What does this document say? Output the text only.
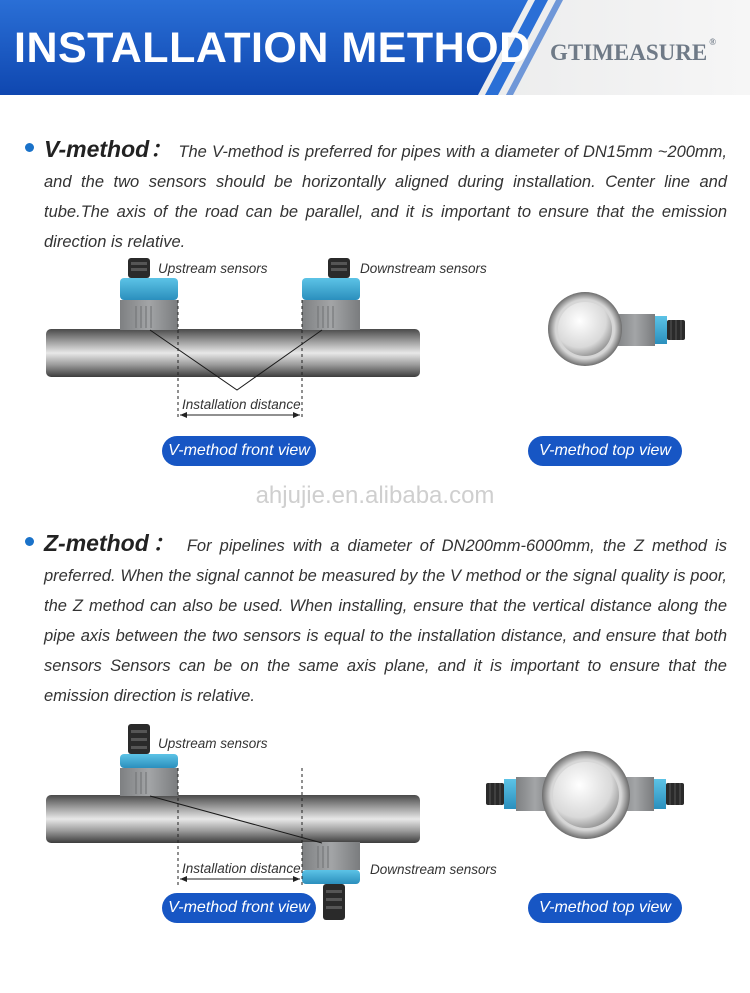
INSTALLATION METHOD GTIMEASURE ®
V-method： The V-method is preferred for pipes with a diameter of DN15mm ~200mm, and the two sensors should be horizontally aligned during installation. Center line and tube.The axis of the road can be parallel, and it is important to ensure that the emission direction is relative.
Upstream sensors	Downstream sensors
Installation distance
V-method front view	V-method top view
ahjujie.en.alibaba.com
Z-method： For pipelines with a diameter of DN200mm-6000mm, the Z method is preferred. When the signal cannot be measured by the V method or the signal quality is poor, the Z method can also be used. When installing, ensure that the vertical distance along the pipe axis between the two sensors is equal to the installation distance, and ensure that both sensors Sensors can be on the same axis plane, and it is important to ensure that the emission direction is relative.
Upstream sensors
Installation distance	Downstream sensors
V-method front view	V-method top view
